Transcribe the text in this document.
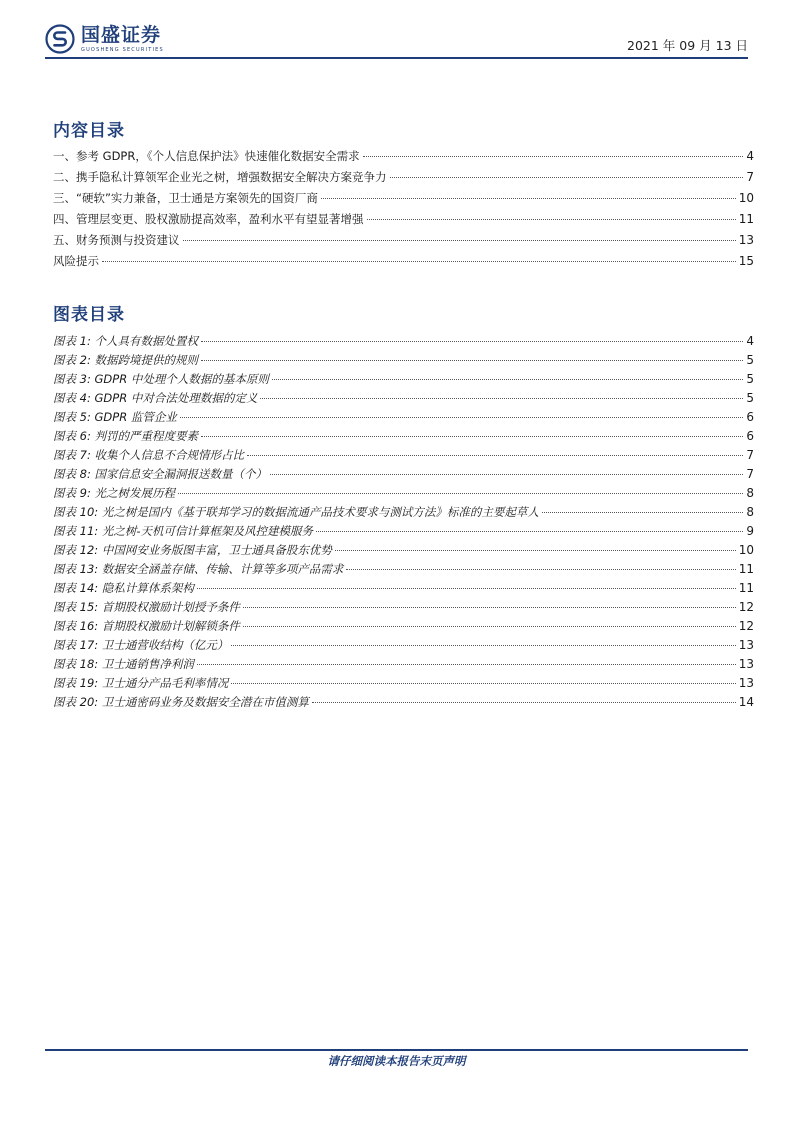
国盛证券
GUOSHENG SECURITIES	2021 年 09 月 13 日
内容目录
一、参考 GDPR，《个人信息保护法》快速催化数据安全需求	4
二、携手隐私计算领军企业光之树，增强数据安全解决方案竞争力	7
三、“硬软”实力兼备，卫士通是方案领先的国资厂商	10
四、管理层变更、股权激励提高效率，盈利水平有望显著增强	11
五、财务预测与投资建议	13
风险提示	15
图表目录
图表 1: 个人具有数据处置权	4
图表 2: 数据跨境提供的规则	5
图表 3: GDPR 中处理个人数据的基本原则	5
图表 4: GDPR 中对合法处理数据的定义	5
图表 5: GDPR 监管企业	6
图表 6: 判罚的严重程度要素	6
图表 7: 收集个人信息不合规情形占比	7
图表 8: 国家信息安全漏洞报送数量（个）	7
图表 9: 光之树发展历程	8
图表 10: 光之树是国内《基于联邦学习的数据流通产品技术要求与测试方法》标准的主要起草人	8
图表 11: 光之树-天机可信计算框架及风控建模服务	9
图表 12: 中国网安业务版图丰富，卫士通具备股东优势	10
图表 13: 数据安全涵盖存储、传输、计算等多项产品需求	11
图表 14: 隐私计算体系架构	11
图表 15: 首期股权激励计划授予条件	12
图表 16: 首期股权激励计划解锁条件	12
图表 17: 卫士通营收结构（亿元）	13
图表 18: 卫士通销售净利润	13
图表 19: 卫士通分产品毛利率情况	13
图表 20: 卫士通密码业务及数据安全潜在市值测算	14
请仔细阅读本报告末页声明
